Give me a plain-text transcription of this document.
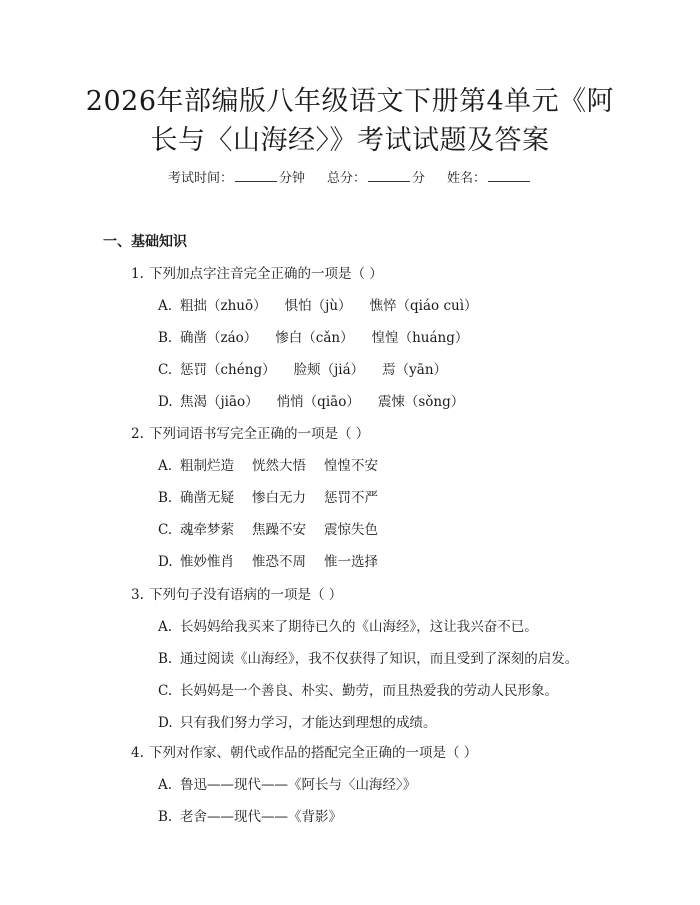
2026年部编版八年级语文下册第4单元《阿
长与〈山海经〉》考试试题及答案
考试时间：	分钟 总分：	分 姓名：
一、基础知识
1. 下列加点字注音完全正确的一项是（ ）
A. 粗拙（zhuō） 惧怕（jù） 憔悴（qiáo cuì）
B. 确凿（záo） 惨白（cǎn） 惶惶（huáng）
C. 惩罚（chéng） 脸颊（jiá） 焉（yān）
D. 焦渴（jiāo） 悄悄（qiāo） 震悚（sǒng）
2. 下列词语书写完全正确的一项是（ ）
A. 粗制烂造 恍然大悟 惶惶不安
B. 确凿无疑 惨白无力 惩罚不严
C. 魂牵梦萦 焦躁不安 震惊失色
D. 惟妙惟肖 惟恐不周 惟一选择
3. 下列句子没有语病的一项是（ ）
A. 长妈妈给我买来了期待已久的《山海经》，这让我兴奋不已。
B. 通过阅读《山海经》，我不仅获得了知识，而且受到了深刻的启发。
C. 长妈妈是一个善良、朴实、勤劳，而且热爱我的劳动人民形象。
D. 只有我们努力学习，才能达到理想的成绩。
4. 下列对作家、朝代或作品的搭配完全正确的一项是（ ）
A. 鲁迅——现代——《阿长与〈山海经〉》
B. 老舍——现代——《背影》
